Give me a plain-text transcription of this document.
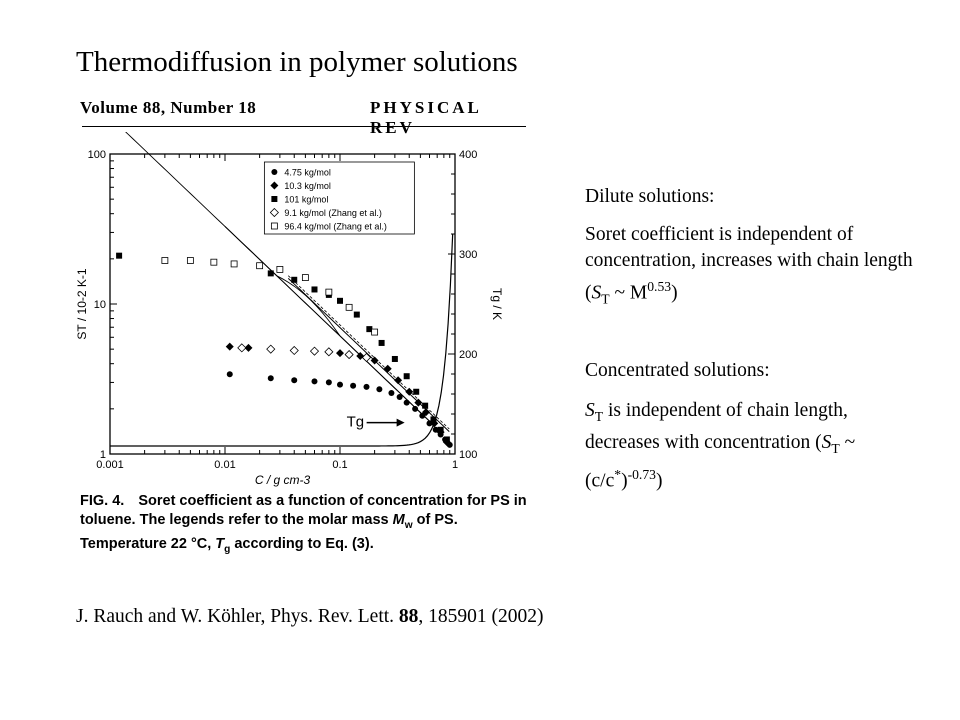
Thermodiffusion in polymer solutions
Volume 88, Number 18	PHYSICAL REV
0.001	0.01	0.1	1
1
10
100
100
200
300
400
C / g cm-3
ST / 10-2 K-1	Tg / K
Tg
4.75 kg/mol
10.3 kg/mol
101 kg/mol
9.1 kg/mol (Zhang et al.)
96.4 kg/mol (Zhang et al.)
FIG. 4. Soret coefficient as a function of concentration for PS in toluene. The legends refer to the molar mass $M_w$ of PS. Temperature 22 °C, $T_g$ according to Eq. (3).
Dilute solutions:
Soret coefficient is independent of concentration, increases with chain length ($S_T$ ~ $M^{0.53}$)
Concentrated solutions:
$S_T$ is independent of chain length, decreases with concentration ($S_T$ ~ $(c/c^*)^{-0.73}$)
J. Rauch and W. Köhler, Phys. Rev. Lett. 88, 185901 (2002)
